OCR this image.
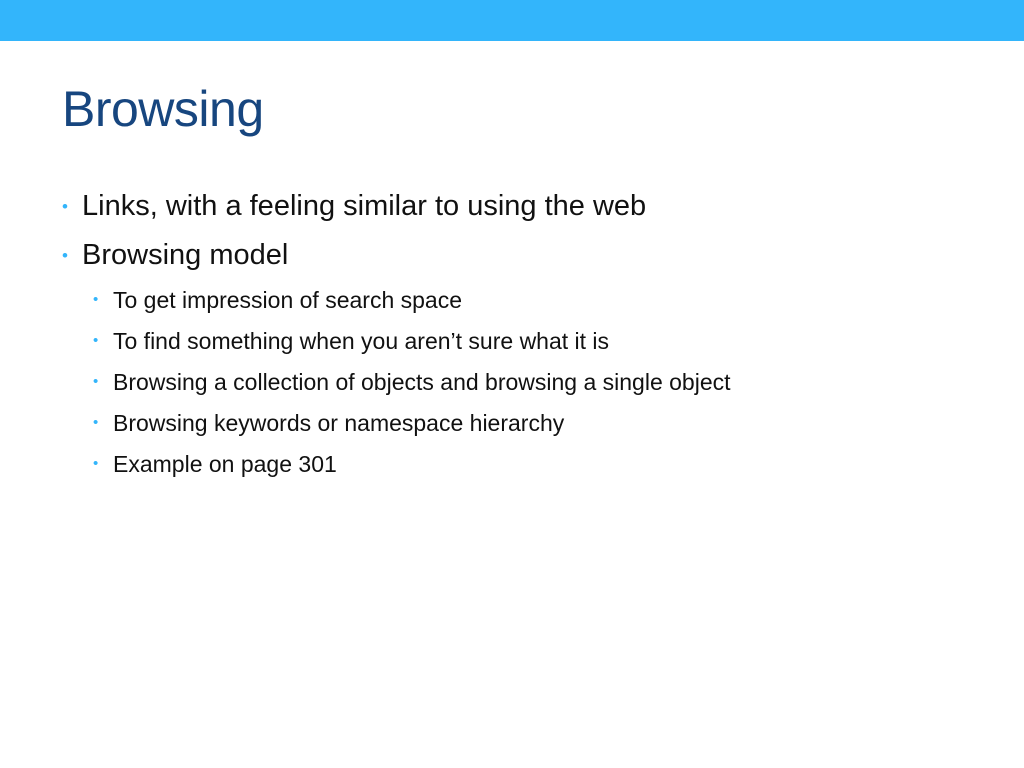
Browsing
• Links, with a feeling similar to using the web
• Browsing model
• To get impression of search space
• To find something when you aren’t sure what it is
• Browsing a collection of objects and browsing a single object
• Browsing keywords or namespace hierarchy
• Example on page 301
